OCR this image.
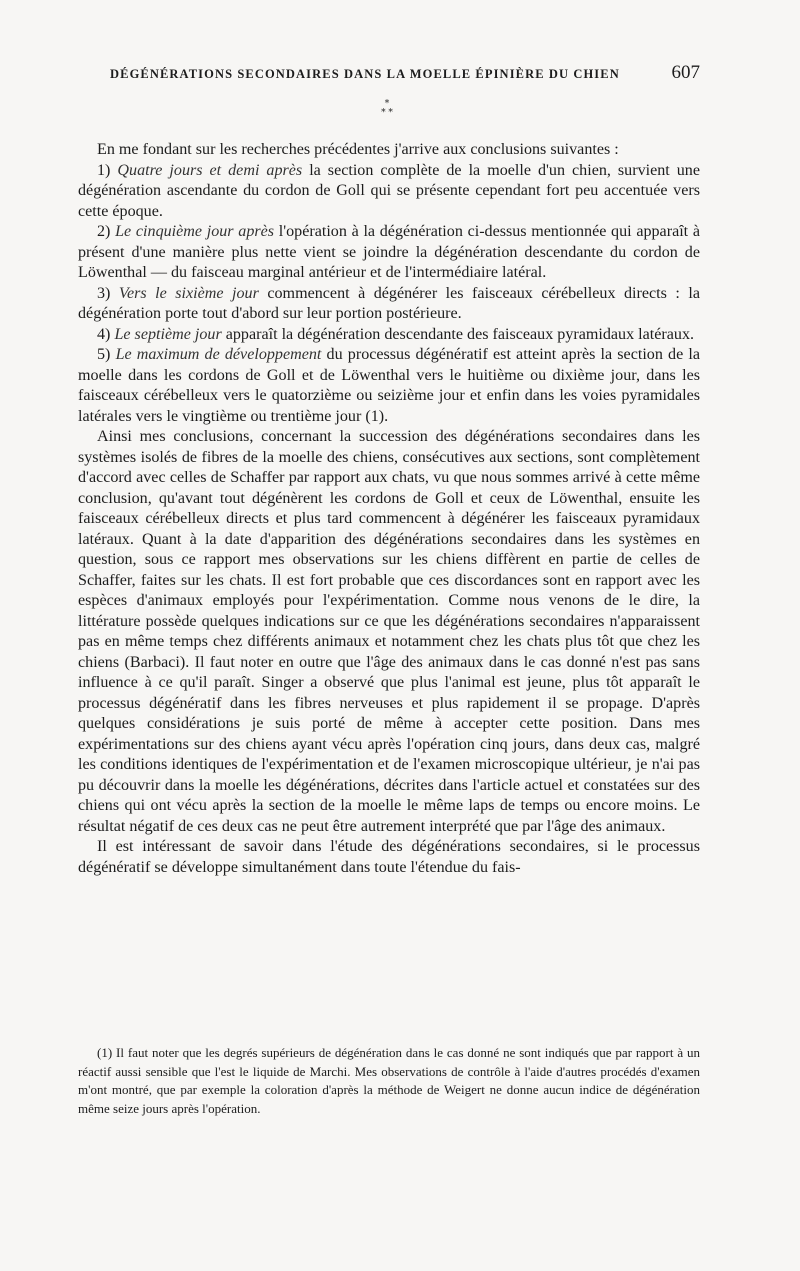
DÉGÉNÉRATIONS SECONDAIRES DANS LA MOELLE ÉPINIÈRE DU CHIEN	607
*
* *

En me fondant sur les recherches précédentes j'arrive aux conclusions suivantes :

1) Quatre jours et demi après la section complète de la moelle d'un chien, survient une dégénération ascendante du cordon de Goll qui se présente cependant fort peu accentuée vers cette époque.

2) Le cinquième jour après l'opération à la dégénération ci-dessus mentionnée qui apparaît à présent d'une manière plus nette vient se joindre la dégénération descendante du cordon de Löwenthal — du faisceau marginal antérieur et de l'intermédiaire latéral.

3) Vers le sixième jour commencent à dégénérer les faisceaux cérébelleux directs : la dégénération porte tout d'abord sur leur portion postérieure.

4) Le septième jour apparaît la dégénération descendante des faisceaux pyramidaux latéraux.

5) Le maximum de développement du processus dégénératif est atteint après la section de la moelle dans les cordons de Goll et de Löwenthal vers le huitième ou dixième jour, dans les faisceaux cérébelleux vers le quatorzième ou seizième jour et enfin dans les voies pyramidales latérales vers le vingtième ou trentième jour (1).

Ainsi mes conclusions, concernant la succession des dégénérations secondaires dans les systèmes isolés de fibres de la moelle des chiens, consécutives aux sections, sont complètement d'accord avec celles de Schaffer par rapport aux chats, vu que nous sommes arrivé à cette même conclusion, qu'avant tout dégénèrent les cordons de Goll et ceux de Löwenthal, ensuite les faisceaux cérébelleux directs et plus tard commencent à dégénérer les faisceaux pyramidaux latéraux. Quant à la date d'apparition des dégénérations secondaires dans les systèmes en question, sous ce rapport mes observations sur les chiens diffèrent en partie de celles de Schaffer, faites sur les chats. Il est fort probable que ces discordances sont en rapport avec les espèces d'animaux employés pour l'expérimentation. Comme nous venons de le dire, la littérature possède quelques indications sur ce que les dégénérations secondaires n'apparaissent pas en même temps chez différents animaux et notamment chez les chats plus tôt que chez les chiens (Barbaci). Il faut noter en outre que l'âge des animaux dans le cas donné n'est pas sans influence à ce qu'il paraît. Singer a observé que plus l'animal est jeune, plus tôt apparaît le processus dégénératif dans les fibres nerveuses et plus rapidement il se propage. D'après quelques considérations je suis porté de même à accepter cette position. Dans mes expérimentations sur des chiens ayant vécu après l'opération cinq jours, dans deux cas, malgré les conditions identiques de l'expérimentation et de l'examen microscopique ultérieur, je n'ai pas pu découvrir dans la moelle les dégénérations, décrites dans l'article actuel et constatées sur des chiens qui ont vécu après la section de la moelle le même laps de temps ou encore moins. Le résultat négatif de ces deux cas ne peut être autrement interprété que par l'âge des animaux.

Il est intéressant de savoir dans l'étude des dégénérations secondaires, si le processus dégénératif se développe simultanément dans toute l'étendue du fais-

(1) Il faut noter que les degrés supérieurs de dégénération dans le cas donné ne sont indiqués que par rapport à un réactif aussi sensible que l'est le liquide de Marchi. Mes observations de contrôle à l'aide d'autres procédés d'examen m'ont montré, que par exemple la coloration d'après la méthode de Weigert ne donne aucun indice de dégénération même seize jours après l'opération.
